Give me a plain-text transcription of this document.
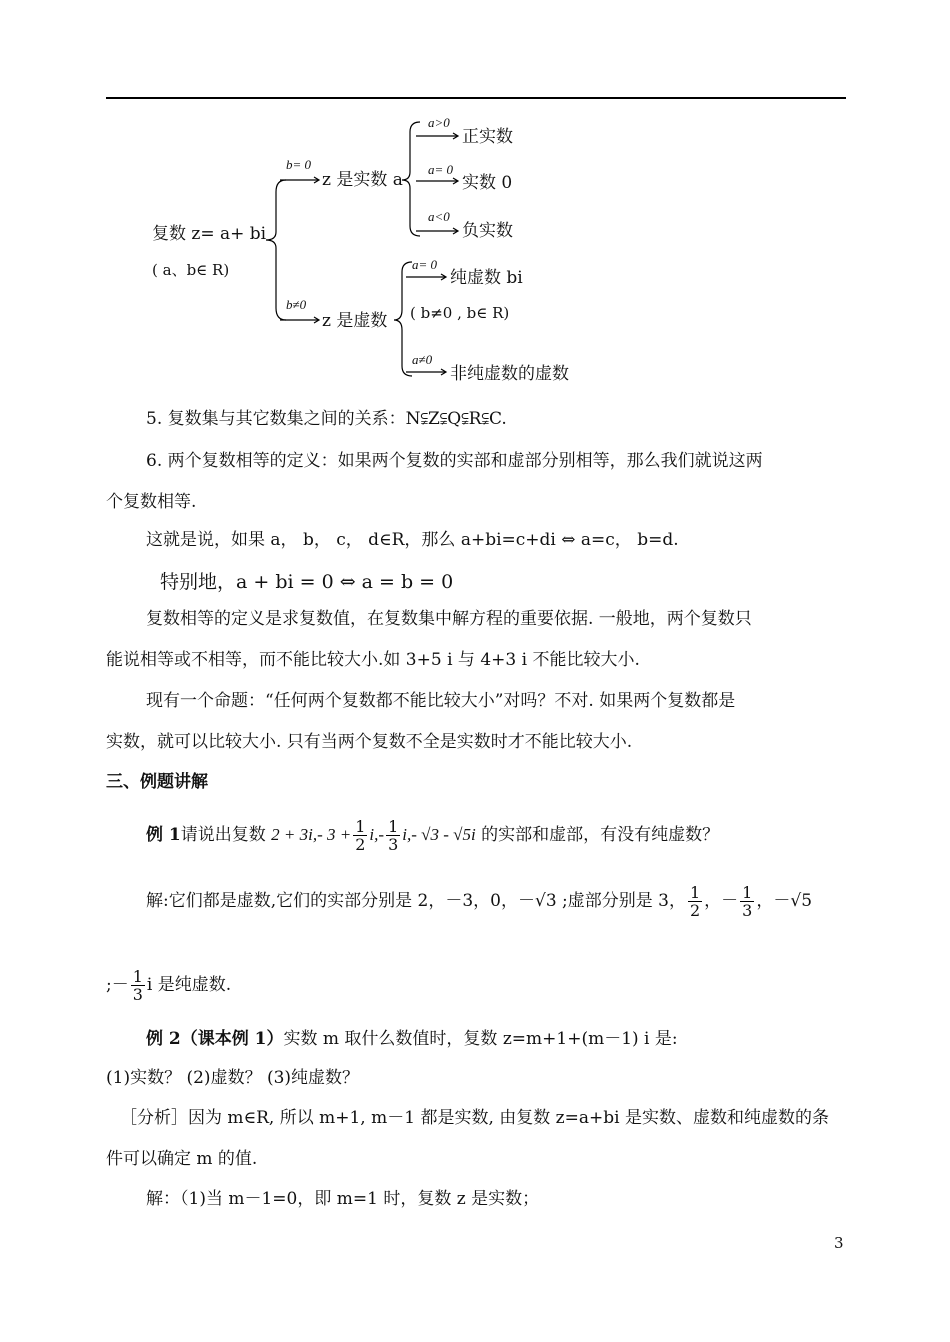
复数 z= a+ bi
( a、b∈ R)
b= 0
z 是实数 a
a>0
正实数
a= 0
实数 0
a<0
负实数
b≠0
z 是虚数
a= 0
纯虚数 bi
( b≠0 , b∈ R)
a≠0
非纯虚数的虚数
5. 复数集与其它数集之间的关系：N⫋Z⫋Q⫋R⫋C.
6. 两个复数相等的定义：如果两个复数的实部和虚部分别相等，那么我们就说这两
个复数相等.
这就是说，如果 a， b， c， d∈R，那么 a+bi=c+di ⇔ a=c， b=d.
特别地，a + bi = 0 ⇔ a = b = 0
复数相等的定义是求复数值，在复数集中解方程的重要依据. 一般地，两个复数只
能说相等或不相等，而不能比较大小.如 3+5 i 与 4+3 i 不能比较大小.
现有一个命题：“任何两个复数都不能比较大小”对吗？不对. 如果两个复数都是
实数，就可以比较大小. 只有当两个复数不全是实数时才不能比较大小.
三、例题讲解
例 1请说出复数 2 + 3i,- $3 + \frac{1}{2} i,- \frac{1}{3} i,-$ √3 - √5i 的实部和虚部，有没有纯虚数？
解:它们都是虚数,它们的实部分别是 2，－3，0，－√3 ;虚部分别是 3， $\frac{1}{2}$ ，－ $\frac{1}{3}$ ，－√5
;－ $\frac{1}{3}$ i 是纯虚数.
例 2（课本例 1）实数 m 取什么数值时，复数 z=m+1+(m－1) i 是:
(1)实数？ (2)虚数？ (3)纯虚数？
［分析］因为 m∈R, 所以 m+1, m－1 都是实数, 由复数 z=a+bi 是实数、虚数和纯虚数的条
件可以确定 m 的值.
解：（1)当 m－1=0，即 m=1 时，复数 z 是实数；
3
